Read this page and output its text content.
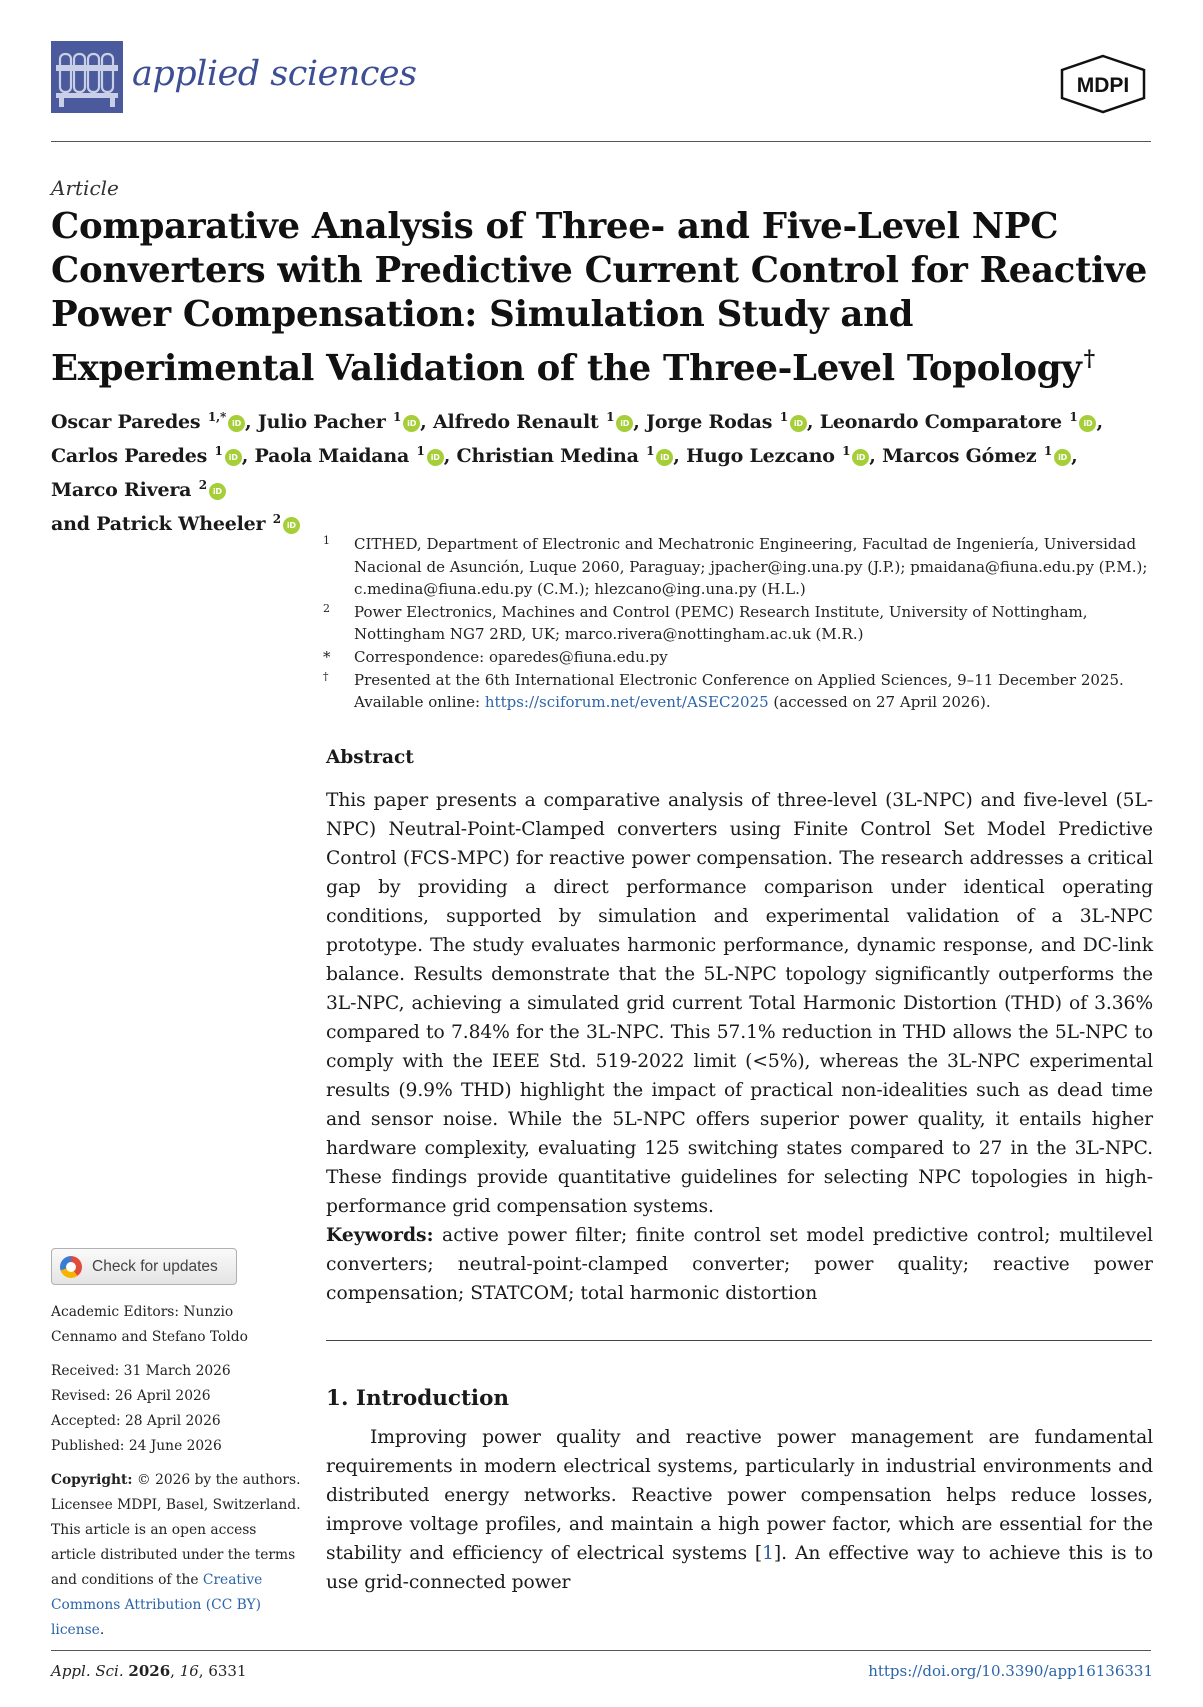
applied sciences	MDPI
Article
Comparative Analysis of Three- and Five-Level NPC Converters with Predictive Current Control for Reactive Power Compensation: Simulation Study and Experimental Validation of the Three-Level Topology†
Oscar Paredes $^{1,*}$ iD , Julio Pacher $^1$ iD , Alfredo Renault $^1$ iD , Jorge Rodas $^1$ iD , Leonardo Comparatore $^1$ iD ,
Carlos Paredes $^1$ iD , Paola Maidana $^1$ iD , Christian Medina $^1$ iD , Hugo Lezcano $^1$ iD , Marcos Gómez $^1$ iD , Marco Rivera $^2$ iD
and Patrick Wheeler $^2$ iD
1 CITHED, Department of Electronic and Mechatronic Engineering, Facultad de Ingeniería, Universidad Nacional de Asunción, Luque 2060, Paraguay; jpacher@ing.una.py (J.P.); pmaidana@fiuna.edu.py (P.M.); c.medina@fiuna.edu.py (C.M.); hlezcano@ing.una.py (H.L.)
2 Power Electronics, Machines and Control (PEMC) Research Institute, University of Nottingham, Nottingham NG7 2RD, UK; marco.rivera@nottingham.ac.uk (M.R.)
* Correspondence: oparedes@fiuna.edu.py
† Presented at the 6th International Electronic Conference on Applied Sciences, 9–11 December 2025. Available online: https://sciforum.net/event/ASEC2025 (accessed on 27 April 2026).
Abstract

This paper presents a comparative analysis of three-level (3L-NPC) and five-level (5L-NPC) Neutral-Point-Clamped converters using Finite Control Set Model Predictive Control (FCS-MPC) for reactive power compensation. The research addresses a critical gap by providing a direct performance comparison under identical operating conditions, supported by simulation and experimental validation of a 3L-NPC prototype. The study evaluates harmonic performance, dynamic response, and DC-link balance. Results demonstrate that the 5L-NPC topology significantly outperforms the 3L-NPC, achieving a simulated grid current Total Harmonic Distortion (THD) of 3.36% compared to 7.84% for the 3L-NPC. This 57.1% reduction in THD allows the 5L-NPC to comply with the IEEE Std. 519-2022 limit (<5%), whereas the 3L-NPC experimental results (9.9% THD) highlight the impact of practical non-idealities such as dead time and sensor noise. While the 5L-NPC offers superior power quality, it entails higher hardware complexity, evaluating 125 switching states compared to 27 in the 3L-NPC. These findings provide quantitative guidelines for selecting NPC topologies in high-performance grid compensation systems.

Keywords: active power filter; finite control set model predictive control; multilevel converters; neutral-point-clamped converter; power quality; reactive power compensation; STATCOM; total harmonic distortion

1. Introduction

Improving power quality and reactive power management are fundamental requirements in modern electrical systems, particularly in industrial environments and distributed energy networks. Reactive power compensation helps reduce losses, improve voltage profiles, and maintain a high power factor, which are essential for the stability and efficiency of electrical systems [1]. An effective way to achieve this is to use grid-connected power

Check for updates
Academic Editors: Nunzio Cennamo and Stefano Toldo
Received: 31 March 2026
Revised: 26 April 2026
Accepted: 28 April 2026
Published: 24 June 2026
Copyright: © 2026 by the authors. Licensee MDPI, Basel, Switzerland. This article is an open access article distributed under the terms and conditions of the Creative Commons Attribution (CC BY) license.
Appl. Sci. 2026, 16, 6331	https://doi.org/10.3390/app16136331
